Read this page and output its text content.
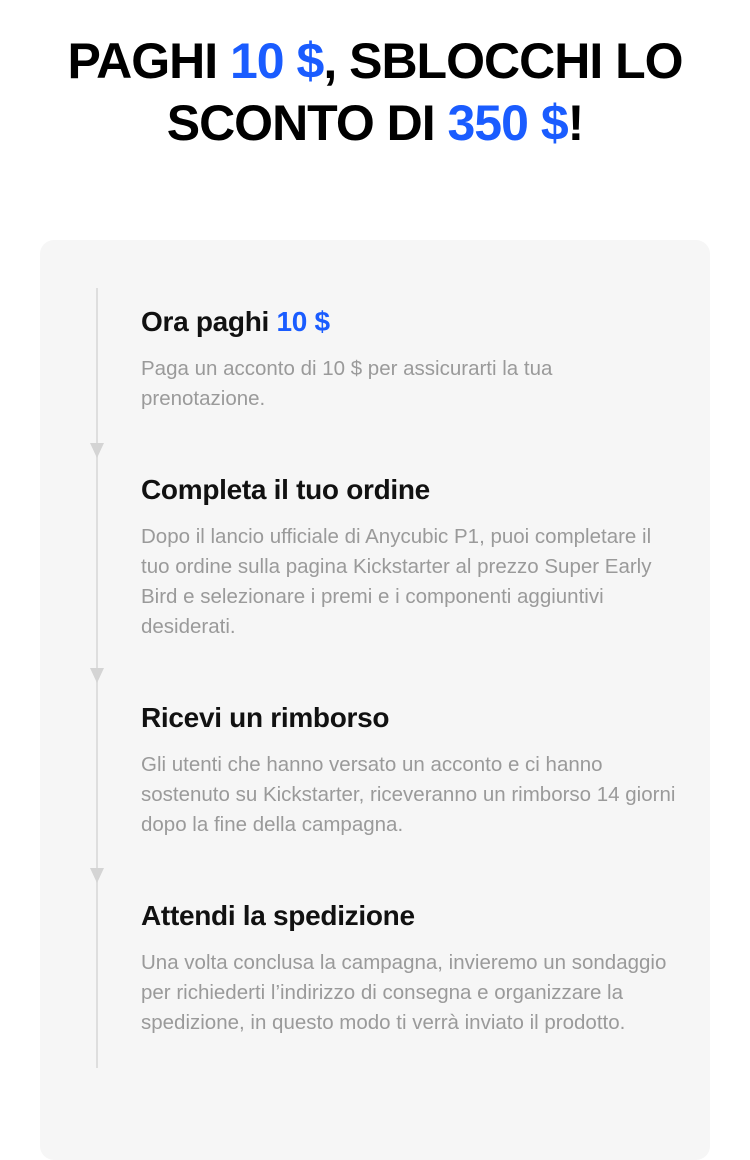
PAGHI 10 $, SBLOCCHI LO
SCONTO DI 350 $!
Ora paghi 10 $
Paga un acconto di 10 $ per assicurarti la tua prenotazione.
Completa il tuo ordine
Dopo il lancio ufficiale di Anycubic P1, puoi completare il tuo ordine sulla pagina Kickstarter al prezzo Super Early Bird e selezionare i premi e i componenti aggiuntivi desiderati.
Ricevi un rimborso
Gli utenti che hanno versato un acconto e ci hanno sostenuto su Kickstarter, riceveranno un rimborso 14 giorni dopo la fine della campagna.
Attendi la spedizione
Una volta conclusa la campagna, invieremo un sondaggio per richiederti l’indirizzo di consegna e organizzare la spedizione, in questo modo ti verrà inviato il prodotto.
